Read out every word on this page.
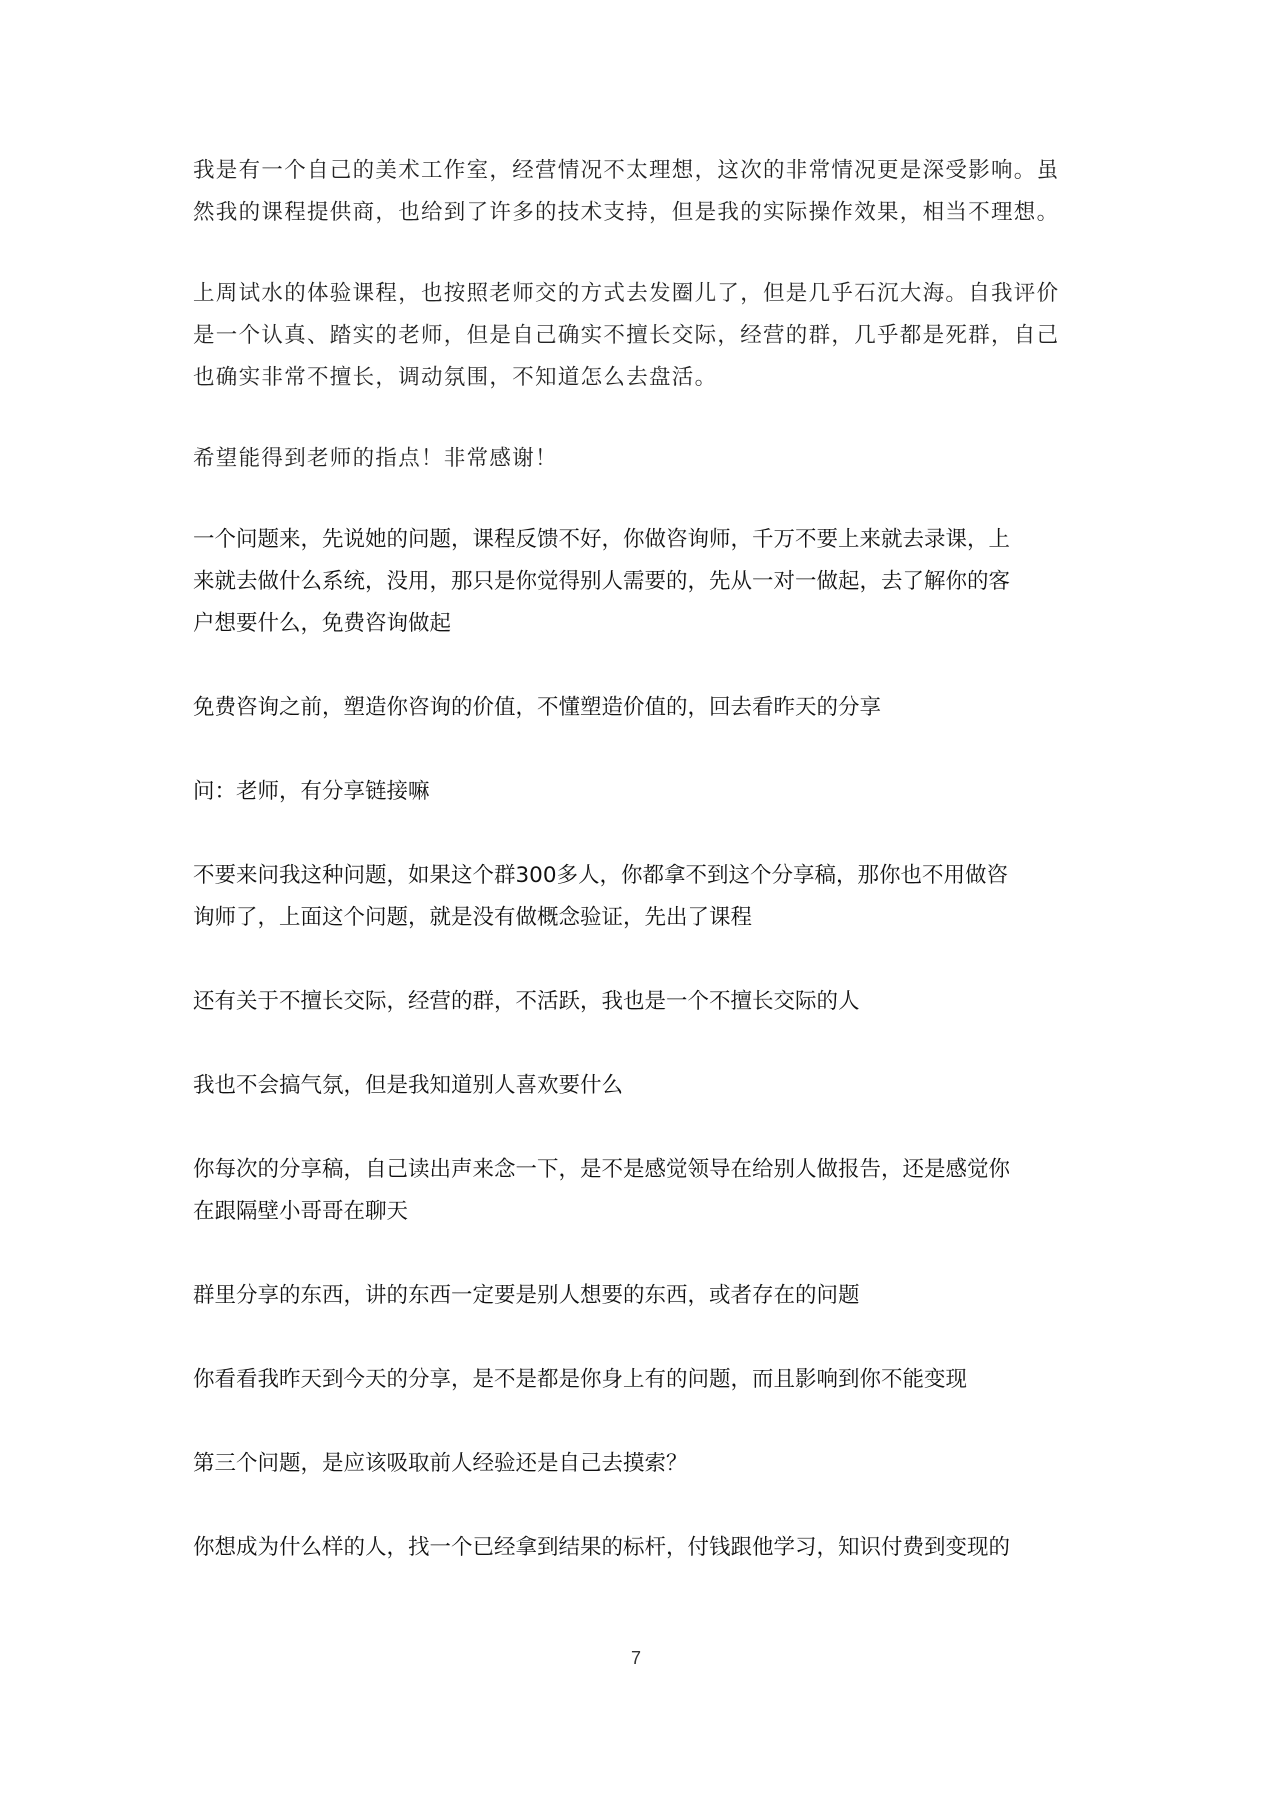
我是有一个自己的美术工作室，经营情况不太理想，这次的非常情况更是深受影响。虽
然我的课程提供商，也给到了许多的技术支持，但是我的实际操作效果，相当不理想。

上周试水的体验课程，也按照老师交的方式去发圈儿了，但是几乎石沉大海。自我评价
是一个认真、踏实的老师，但是自己确实不擅长交际，经营的群，几乎都是死群，自己
也确实非常不擅长，调动氛围，不知道怎么去盘活。

希望能得到老师的指点！非常感谢！

一个问题来，先说她的问题，课程反馈不好，你做咨询师，千万不要上来就去录课，上
来就去做什么系统，没用，那只是你觉得别人需要的，先从一对一做起，去了解你的客
户想要什么，免费咨询做起

免费咨询之前，塑造你咨询的价值，不懂塑造价值的，回去看昨天的分享

问：老师，有分享链接嘛

不要来问我这种问题，如果这个群300多人，你都拿不到这个分享稿，那你也不用做咨
询师了，上面这个问题，就是没有做概念验证，先出了课程

还有关于不擅长交际，经营的群，不活跃，我也是一个不擅长交际的人

我也不会搞气氛，但是我知道别人喜欢要什么

你每次的分享稿，自己读出声来念一下，是不是感觉领导在给别人做报告，还是感觉你
在跟隔壁小哥哥在聊天

群里分享的东西，讲的东西一定要是别人想要的东西，或者存在的问题

你看看我昨天到今天的分享，是不是都是你身上有的问题，而且影响到你不能变现

第三个问题，是应该吸取前人经验还是自己去摸索？

你想成为什么样的人，找一个已经拿到结果的标杆，付钱跟他学习，知识付费到变现的

7
